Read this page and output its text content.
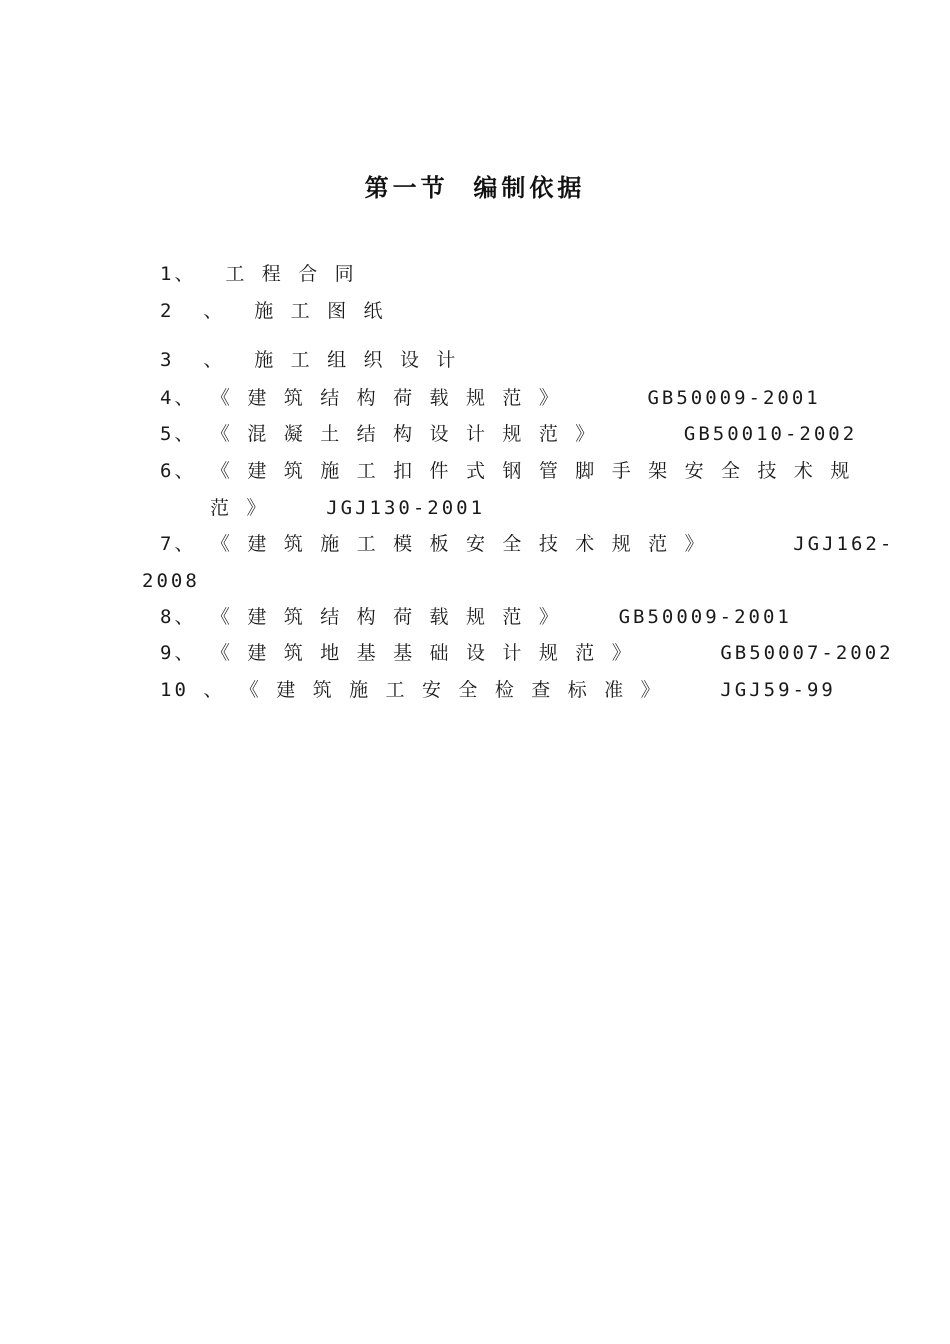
第一节  编制依据
1、  工 程 合 同
2  、  施 工 图 纸
3  、  施 工 组 织 设 计
4、 《 建 筑 结 构 荷 载 规 范 》      GB50009-2001
5、 《 混 凝 土 结 构 设 计 规 范 》      GB50010-2002
6、 《 建 筑 施 工 扣 件 式 钢 管 脚 手 架 安 全 技 术 规
范 》    JGJ130-2001
7、 《 建 筑 施 工 模 板 安 全 技 术 规 范 》      JGJ162-
2008
8、 《 建 筑 结 构 荷 载 规 范 》    GB50009-2001
9、 《 建 筑 地 基 基 础 设 计 规 范 》      GB50007-2002
10 、 《 建 筑 施 工 安 全 检 查 标 准 》    JGJ59-99
